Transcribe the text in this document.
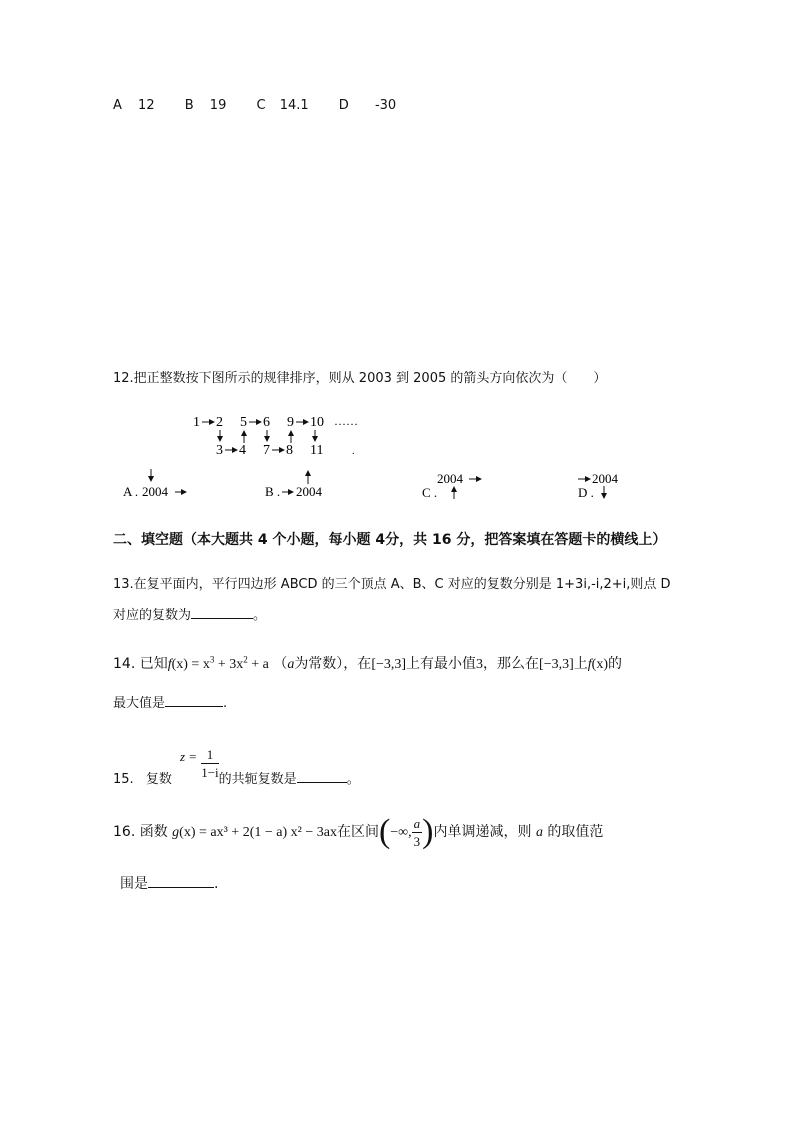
A 12 B 19 C 14.1 D -30
12.把正整数按下图所示的规律排序，则从 2003 到 2005 的箭头方向依次为（　　）
1 2 5 6 9 10 ……
3 4 7 8 11	.
A . 2004	B . 2004
2004
C .
2004
D .
二、填空题（本大题共 4 个小题，每小题 4分，共 16 分，把答案填在答题卡的横线上）
13.在复平面内，平行四边形 ABCD 的三个顶点 A、B、C 对应的复数分别是 1+3i,-i,2+i,则点 D
对应的复数为	。
14. 已知$f(x) = x^3 + 3x^2 + a$ （a为常数），在[−3,3]上有最小值3，那么在[−3,3]上f(x)的
最大值是	.
15. 复数 $z = \frac{1}{1-i}$
的共轭复数是	。
16. 函数 g(x) = ax³ + 2(1 − a) x² − 3ax在区间(−∞, $\frac{a}{3}$ )内单调递减，则 a 的取值范
围是	.
